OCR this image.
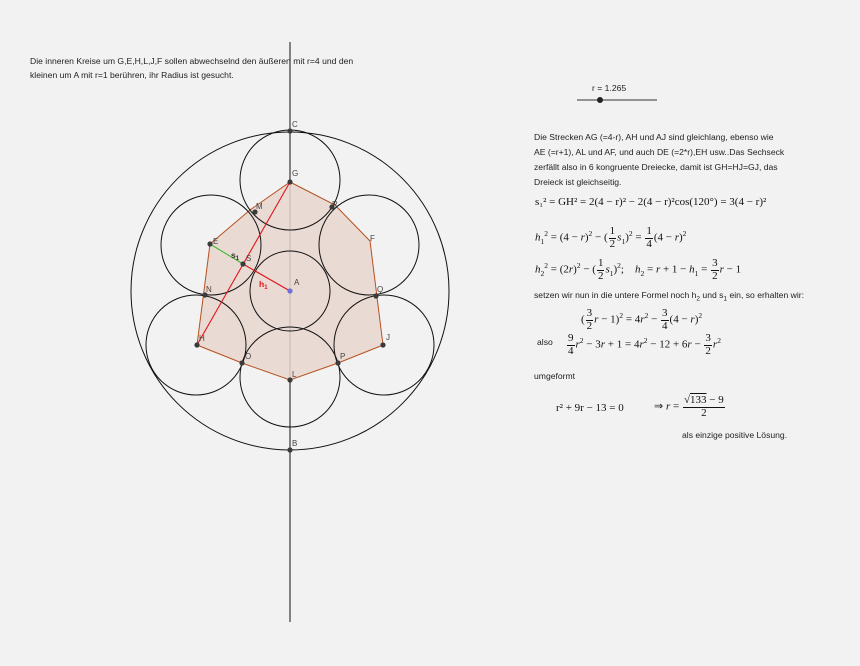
Die inneren Kreise um G,E,H,L,J,F sollen abwechselnd den äußeren mit r=4 und den
kleinen um A mit r=1 berühren, ihr Radius ist gesucht.
r = 1.265
C
G
M	R
F
E
S
A
N	Q
H	J
O	P
L
B
$s_1$
$h_1$
Die Strecken AG (=4-r), AH und AJ sind gleichlang, ebenso wie
AE (=r+1), AL und AF, und auch DE (=2*r),EH usw..Das Sechseck
zerfällt also in 6 kongruente Dreiecke, damit ist GH=HJ=GJ, das
Dreieck ist gleichseitig.
s₁² = GH² = 2(4 − r)² − 2(4 − r)²cos(120°) = 3(4 − r)²
$h_1^2 = (4 - r)^2$ − ( $\frac{1}{2} s_1)^2 = \frac{1}{4} (4 - r)^2$
$h_2^2 = (2r)^2$ − ( $\frac{1}{2} s_1)^2$;    $h_2 = r + 1 - h_1 = \frac{3}{2}$ r − 1
setzen wir nun in die untere Formel noch $h_2$ und $s_1$ ein, so erhalten wir:
( $\frac{3}{2}$ $r - 1)^2 = 4r^2 - \frac{3}{4} (4 - r)^2$
also $\frac{9}{4} r^2 - 3r + 1 = 4r^2 - 12 + 6r - \frac{3}{2} r^2$
umgeformt
r² + 9r − 13 = 0	⇒ $r = \frac{√133 - 9}{2}$
als einzige positive Lösung.
